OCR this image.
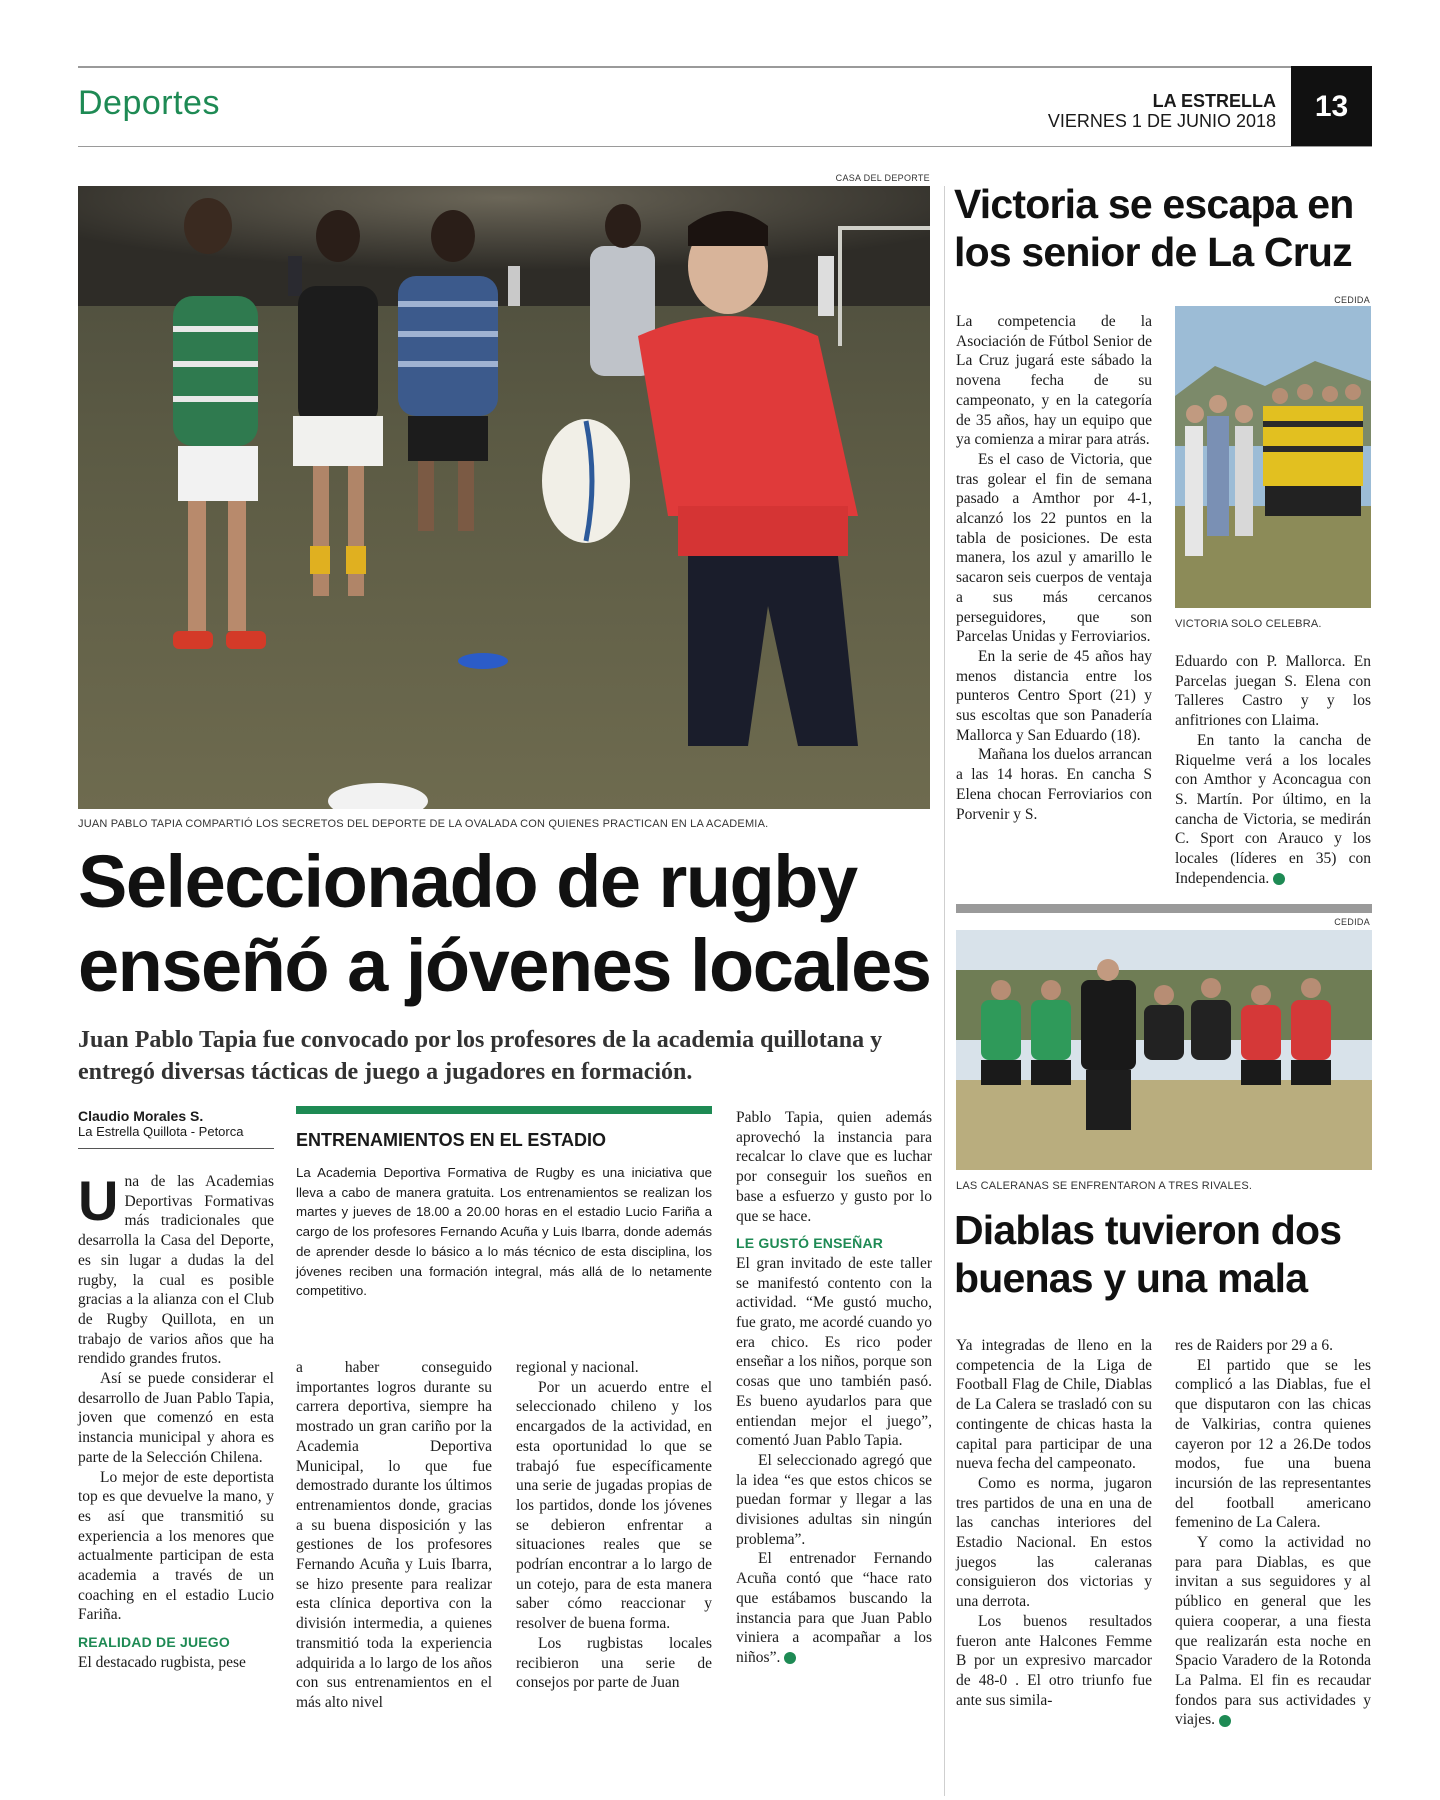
Deportes	LA ESTRELLA
VIERNES 1 DE JUNIO 2018	13
CASA DEL DEPORTE
JUAN PABLO TAPIA COMPARTIÓ LOS SECRETOS DEL DEPORTE DE LA OVALADA CON QUIENES PRACTICAN EN LA ACADEMIA.
Seleccionado de rugby
enseñó a jóvenes locales
Juan Pablo Tapia fue convocado por los profesores de la academia quillotana y entregó diversas tácticas de juego a jugadores en formación.
Claudio Morales S.
La Estrella Quillota - Petorca

Una de las Academias Deportivas Formativas más tradicionales que desarrolla la Casa del Deporte, es sin lugar a dudas la del rugby, la cual es posible gracias a la alianza con el Club de Rugby Quillota, en un trabajo de varios años que ha rendido grandes frutos.

Así se puede considerar el desarrollo de Juan Pablo Tapia, joven que comenzó en esta instancia municipal y ahora es parte de la Selección Chilena.

Lo mejor de este deportista top es que devuelve la mano, y es así que transmitió su experiencia a los menores que actualmente participan de esta academia a través de un coaching en el estadio Lucio Fariña.

REALIDAD DE JUEGO

El destacado rugbista, pese

ENTRENAMIENTOS EN EL ESTADIO
La Academia Deportiva Formativa de Rugby es una iniciativa que lleva a cabo de manera gratuita. Los entrenamientos se realizan los martes y jueves de 18.00 a 20.00 horas en el estadio Lucio Fariña a cargo de los profesores Fernando Acuña y Luis Ibarra, donde además de aprender desde lo básico a lo más técnico de esta disciplina, los jóvenes reciben una formación integral, más allá de lo netamente competitivo.

a haber conseguido importantes logros durante su carrera deportiva, siempre ha mostrado un gran cariño por la Academia Deportiva Municipal, lo que fue demostrado durante los últimos entrenamientos donde, gracias a su buena disposición y las gestiones de los profesores Fernando Acuña y Luis Ibarra, se hizo presente para realizar esta clínica deportiva con la división intermedia, a quienes transmitió toda la experiencia adquirida a lo largo de los años con sus entrenamientos en el más alto nivel

regional y nacional.

Por un acuerdo entre el seleccionado chileno y los encargados de la actividad, en esta oportunidad lo que se trabajó fue específicamente una serie de jugadas propias de los partidos, donde los jóvenes se debieron enfrentar a situaciones reales que se podrían encontrar a lo largo de un cotejo, para de esta manera saber cómo reaccionar y resolver de buena forma.

Los rugbistas locales recibieron una serie de consejos por parte de Juan

Pablo Tapia, quien además aprovechó la instancia para recalcar lo clave que es luchar por conseguir los sueños en base a esfuerzo y gusto por lo que se hace.

LE GUSTÓ ENSEÑAR

El gran invitado de este taller se manifestó contento con la actividad. “Me gustó mucho, fue grato, me acordé cuando yo era chico. Es rico poder enseñar a los niños, porque son cosas que uno también pasó. Es bueno ayudarlos para que entiendan mejor el juego”, comentó Juan Pablo Tapia.

El seleccionado agregó que la idea “es que estos chicos se puedan formar y llegar a las divisiones adultas sin ningún problema”.

El entrenador Fernando Acuña contó que “hace rato que estábamos buscando la instancia para que Juan Pablo viniera a acompañar a los niños”.★

Victoria se escapa en
los senior de La Cruz
CEDIDA
VICTORIA SOLO CELEBRA.

La competencia de la Asociación de Fútbol Senior de La Cruz jugará este sábado la novena fecha de su campeonato, y en la categoría de 35 años, hay un equipo que ya comienza a mirar para atrás.

Es el caso de Victoria, que tras golear el fin de semana pasado a Amthor por 4-1, alcanzó los 22 puntos en la tabla de posiciones. De esta manera, los azul y amarillo le sacaron seis cuerpos de ventaja a sus más cercanos perseguidores, que son Parcelas Unidas y Ferroviarios.

En la serie de 45 años hay menos distancia entre los punteros Centro Sport (21) y sus escoltas que son Panadería Mallorca y San Eduardo (18).

Mañana los duelos arrancan a las 14 horas. En cancha S Elena chocan Ferroviarios con Porvenir y S.

Eduardo con P. Mallorca. En Parcelas juegan S. Elena con Talleres Castro y y los anfitriones con Llaima.

En tanto la cancha de Riquelme verá a los locales con Amthor y Aconcagua con S. Martín. Por último, en la cancha de Victoria, se medirán C. Sport con Arauco y los locales (líderes en 35) con Independencia.★

CEDIDA
LAS CALERANAS SE ENFRENTARON A TRES RIVALES.
Diablas tuvieron dos
buenas y una mala

Ya integradas de lleno en la competencia de la Liga de Football Flag de Chile, Diablas de La Calera se trasladó con su contingente de chicas hasta la capital para participar de una nueva fecha del campeonato.

Como es norma, jugaron tres partidos de una en una de las canchas interiores del Estadio Nacional. En estos juegos las caleranas consiguieron dos victorias y una derrota.

Los buenos resultados fueron ante Halcones Femme B por un expresivo marcador de 48-0 . El otro triunfo fue ante sus simila-

res de Raiders por 29 a 6.

El partido que se les complicó a las Diablas, fue el que disputaron con las chicas de Valkirias, contra quienes cayeron por 12 a 26.De todos modos, fue una buena incursión de las representantes del football americano femenino de La Calera.

Y como la actividad no para para Diablas, es que invitan a sus seguidores y al público en general que les quiera cooperar, a una fiesta que realizarán esta noche en Spacio Varadero de la Rotonda La Palma. El fin es recaudar fondos para sus actividades y viajes.★
